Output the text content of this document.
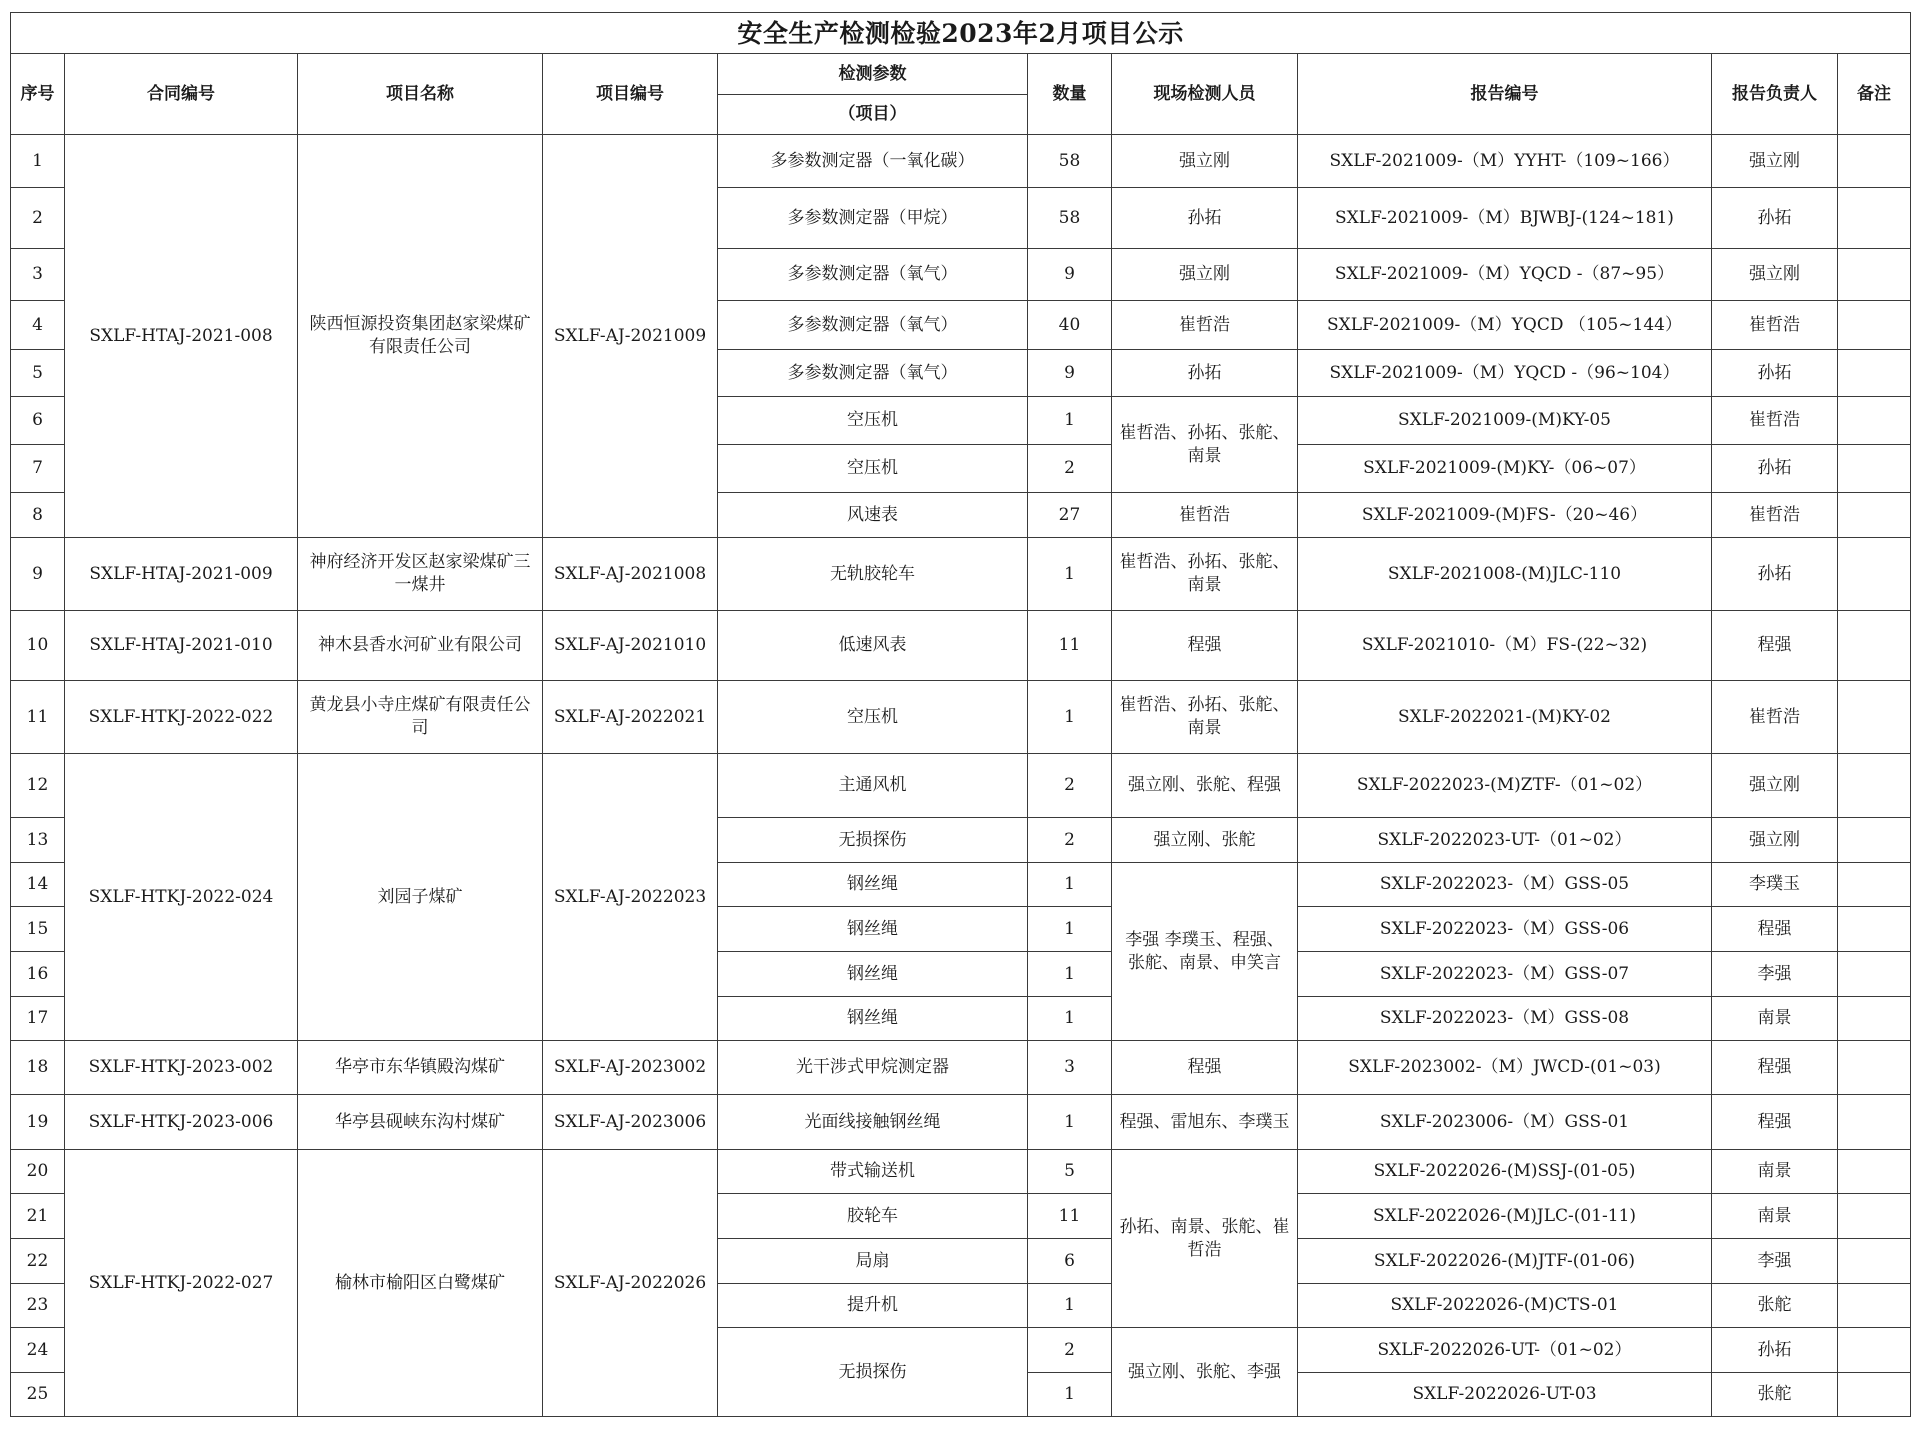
安全生产检测检验2023年2月项目公示									
序号	合同编号	项目名称	项目编号	检测参数	数量	现场检测人员	报告编号	报告负责人	备注
				（项目）					
1	SXLF-HTAJ-2021-008	陕西恒源投资集团赵家梁煤矿有限责任公司	SXLF-AJ-2021009	多参数测定器（一氧化碳）	58	强立刚	SXLF-2021009-（M）YYHT-（109~166）	强立刚	
2				多参数测定器（甲烷）	58	孙拓	SXLF-2021009-（M）BJWBJ-(124~181)	孙拓	
3				多参数测定器（氧气）	9	强立刚	SXLF-2021009-（M）YQCD -（87~95）	强立刚	
4				多参数测定器（氧气）	40	崔哲浩	SXLF-2021009-（M）YQCD （105~144）	崔哲浩	
5				多参数测定器（氧气）	9	孙拓	SXLF-2021009-（M）YQCD -（96~104）	孙拓	
6				空压机	1	崔哲浩、孙拓、张舵、南景	SXLF-2021009-(M)KY-05	崔哲浩	
7				空压机	2		SXLF-2021009-(M)KY-（06~07）	孙拓	
8				风速表	27	崔哲浩	SXLF-2021009-(M)FS-（20~46）	崔哲浩	
9	SXLF-HTAJ-2021-009	神府经济开发区赵家梁煤矿三一煤井	SXLF-AJ-2021008	无轨胶轮车	1	崔哲浩、孙拓、张舵、南景	SXLF-2021008-(M)JLC-110	孙拓	
10	SXLF-HTAJ-2021-010	神木县香水河矿业有限公司	SXLF-AJ-2021010	低速风表	11	程强	SXLF-2021010-（M）FS-(22~32)	程强	
11	SXLF-HTKJ-2022-022	黄龙县小寺庄煤矿有限责任公司	SXLF-AJ-2022021	空压机	1	崔哲浩、孙拓、张舵、南景	SXLF-2022021-(M)KY-02	崔哲浩	
12	SXLF-HTKJ-2022-024	刘园子煤矿	SXLF-AJ-2022023	主通风机	2	强立刚、张舵、程强	SXLF-2022023-(M)ZTF-（01~02）	强立刚	
13				无损探伤	2	强立刚、张舵	SXLF-2022023-UT-（01~02）	强立刚	
14				钢丝绳	1	李强 李璞玉、程强、张舵、南景、申笑言	SXLF-2022023-（M）GSS-05	李璞玉	
15				钢丝绳	1		SXLF-2022023-（M）GSS-06	程强	
16				钢丝绳	1		SXLF-2022023-（M）GSS-07	李强	
17				钢丝绳	1		SXLF-2022023-（M）GSS-08	南景	
18	SXLF-HTKJ-2023-002	华亭市东华镇殿沟煤矿	SXLF-AJ-2023002	光干涉式甲烷测定器	3	程强	SXLF-2023002-（M）JWCD-(01~03)	程强	
19	SXLF-HTKJ-2023-006	华亭县砚峡东沟村煤矿	SXLF-AJ-2023006	光面线接触钢丝绳	1	程强、雷旭东、李璞玉	SXLF-2023006-（M）GSS-01	程强	
20	SXLF-HTKJ-2022-027	榆林市榆阳区白鹭煤矿	SXLF-AJ-2022026	带式输送机	5	孙拓、南景、张舵、崔哲浩	SXLF-2022026-(M)SSJ-(01-05)	南景	
21				胶轮车	11		SXLF-2022026-(M)JLC-(01-11)	南景	
22				局扇	6		SXLF-2022026-(M)JTF-(01-06)	李强	
23				提升机	1		SXLF-2022026-(M)CTS-01	张舵	
24				无损探伤	2	强立刚、张舵、李强	SXLF-2022026-UT-（01~02）	孙拓	
25					1		SXLF-2022026-UT-03	张舵	
